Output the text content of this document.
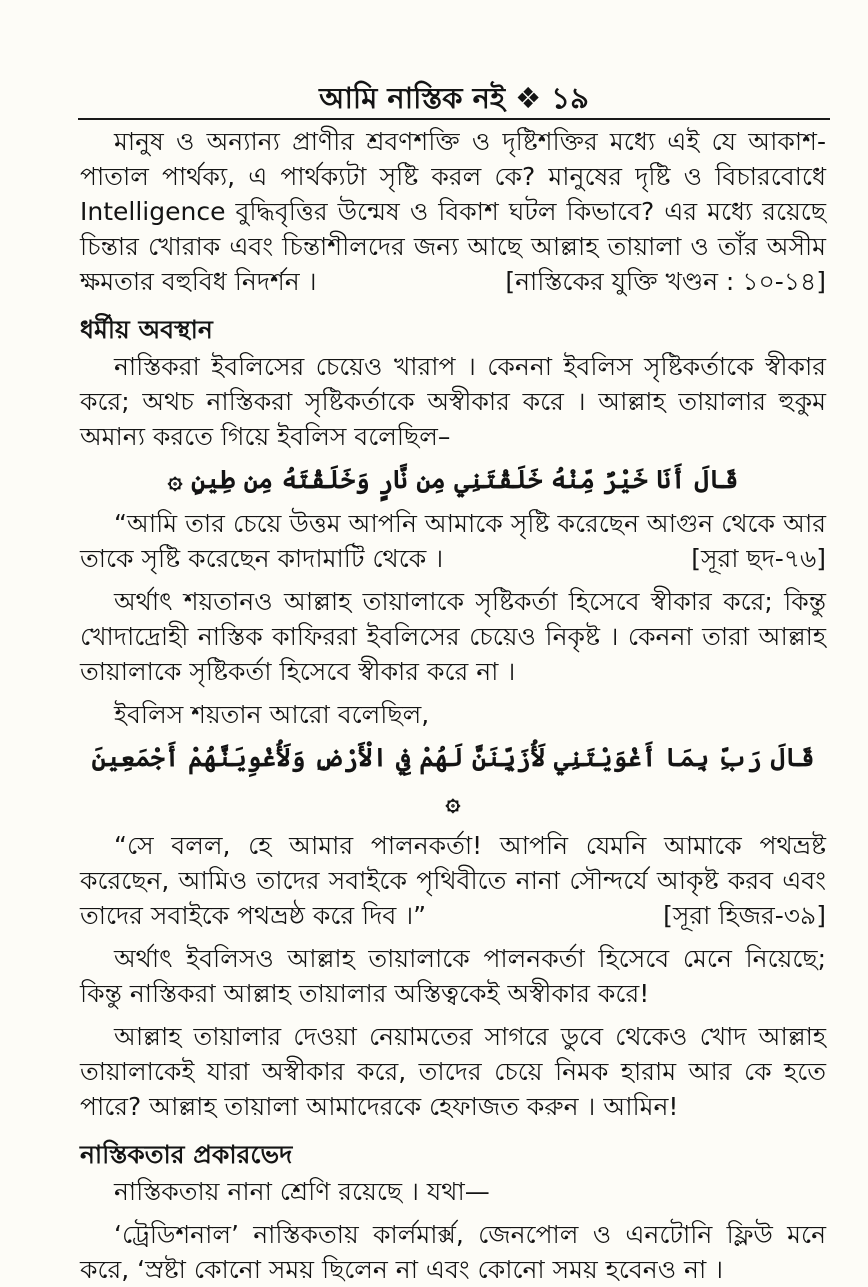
আমি নাস্তিক নই ❖ ১৯

মানুষ ও অন্যান্য প্রাণীর শ্রবণশক্তি ও দৃষ্টিশক্তির মধ্যে এই যে আকাশ-পাতাল পার্থক্য, এ পার্থক্যটা সৃষ্টি করল কে? মানুষের দৃষ্টি ও বিচারবোধে Intelligence বুদ্ধিবৃত্তির উন্মেষ ও বিকাশ ঘটল কিভাবে? এর মধ্যে রয়েছে চিন্তার খোরাক এবং চিন্তাশীলদের জন্য আছে আল্লাহ তায়ালা ও তাঁর অসীম ক্ষমতার বহুবিধ নিদর্শন ।	[নাস্তিকের যুক্তি খণ্ডন : ১০-১৪]

ধর্মীয় অবস্থান

নাস্তিকরা ইবলিসের চেয়েও খারাপ । কেননা ইবলিস সৃষ্টিকর্তাকে স্বীকার করে; অথচ নাস্তিকরা সৃষ্টিকর্তাকে অস্বীকার করে । আল্লাহ তায়ালার হুকুম অমান্য করতে গিয়ে ইবলিস বলেছিল–

قَالَ أَنَا خَيْرٌ مِّنْهُ خَلَقْتَنِي مِن نَّارٍ وَخَلَقْتَهُ مِن طِينٍ ۞

“আমি তার চেয়ে উত্তম আপনি আমাকে সৃষ্টি করেছেন আগুন থেকে আর তাকে সৃষ্টি করেছেন কাদামাটি থেকে ।	[সূরা ছদ-৭৬]

অর্থাৎ শয়তানও আল্লাহ তায়ালাকে সৃষ্টিকর্তা হিসেবে স্বীকার করে; কিন্তু খোদাদ্রোহী নাস্তিক কাফিররা ইবলিসের চেয়েও নিকৃষ্ট । কেননা তারা আল্লাহ তায়ালাকে সৃষ্টিকর্তা হিসেবে স্বীকার করে না ।

ইবলিস শয়তান আরো বলেছিল,

قَالَ رَبِّ بِمَا أَغْوَيْتَنِي لَأُزَيِّنَنَّ لَهُمْ فِي الْأَرْضِ وَلَأُغْوِيَنَّهُمْ أَجْمَعِينَ ۞

“সে বলল, হে আমার পালনকর্তা! আপনি যেমনি আমাকে পথভ্রষ্ট করেছেন, আমিও তাদের সবাইকে পৃথিবীতে নানা সৌন্দর্যে আকৃষ্ট করব এবং তাদের সবাইকে পথভ্রষ্ঠ করে দিব ।”	[সূরা হিজর-৩৯]

অর্থাৎ ইবলিসও আল্লাহ তায়ালাকে পালনকর্তা হিসেবে মেনে নিয়েছে; কিন্তু নাস্তিকরা আল্লাহ তায়ালার অস্তিত্বকেই অস্বীকার করে!

আল্লাহ তায়ালার দেওয়া নেয়ামতের সাগরে ডুবে থেকেও খোদ আল্লাহ তায়ালাকেই যারা অস্বীকার করে, তাদের চেয়ে নিমক হারাম আর কে হতে পারে? আল্লাহ তায়ালা আমাদেরকে হেফাজত করুন । আমিন!

নাস্তিকতার প্রকারভেদ

নাস্তিকতায় নানা শ্রেণি রয়েছে । যথা—

‘ট্রেডিশনাল’ নাস্তিকতায় কার্লমার্ক্স, জেনপোল ও এনটোনি ফ্লিউ মনে করে, ‘স্রষ্টা কোনো সময় ছিলেন না এবং কোনো সময় হবেনও না ।
